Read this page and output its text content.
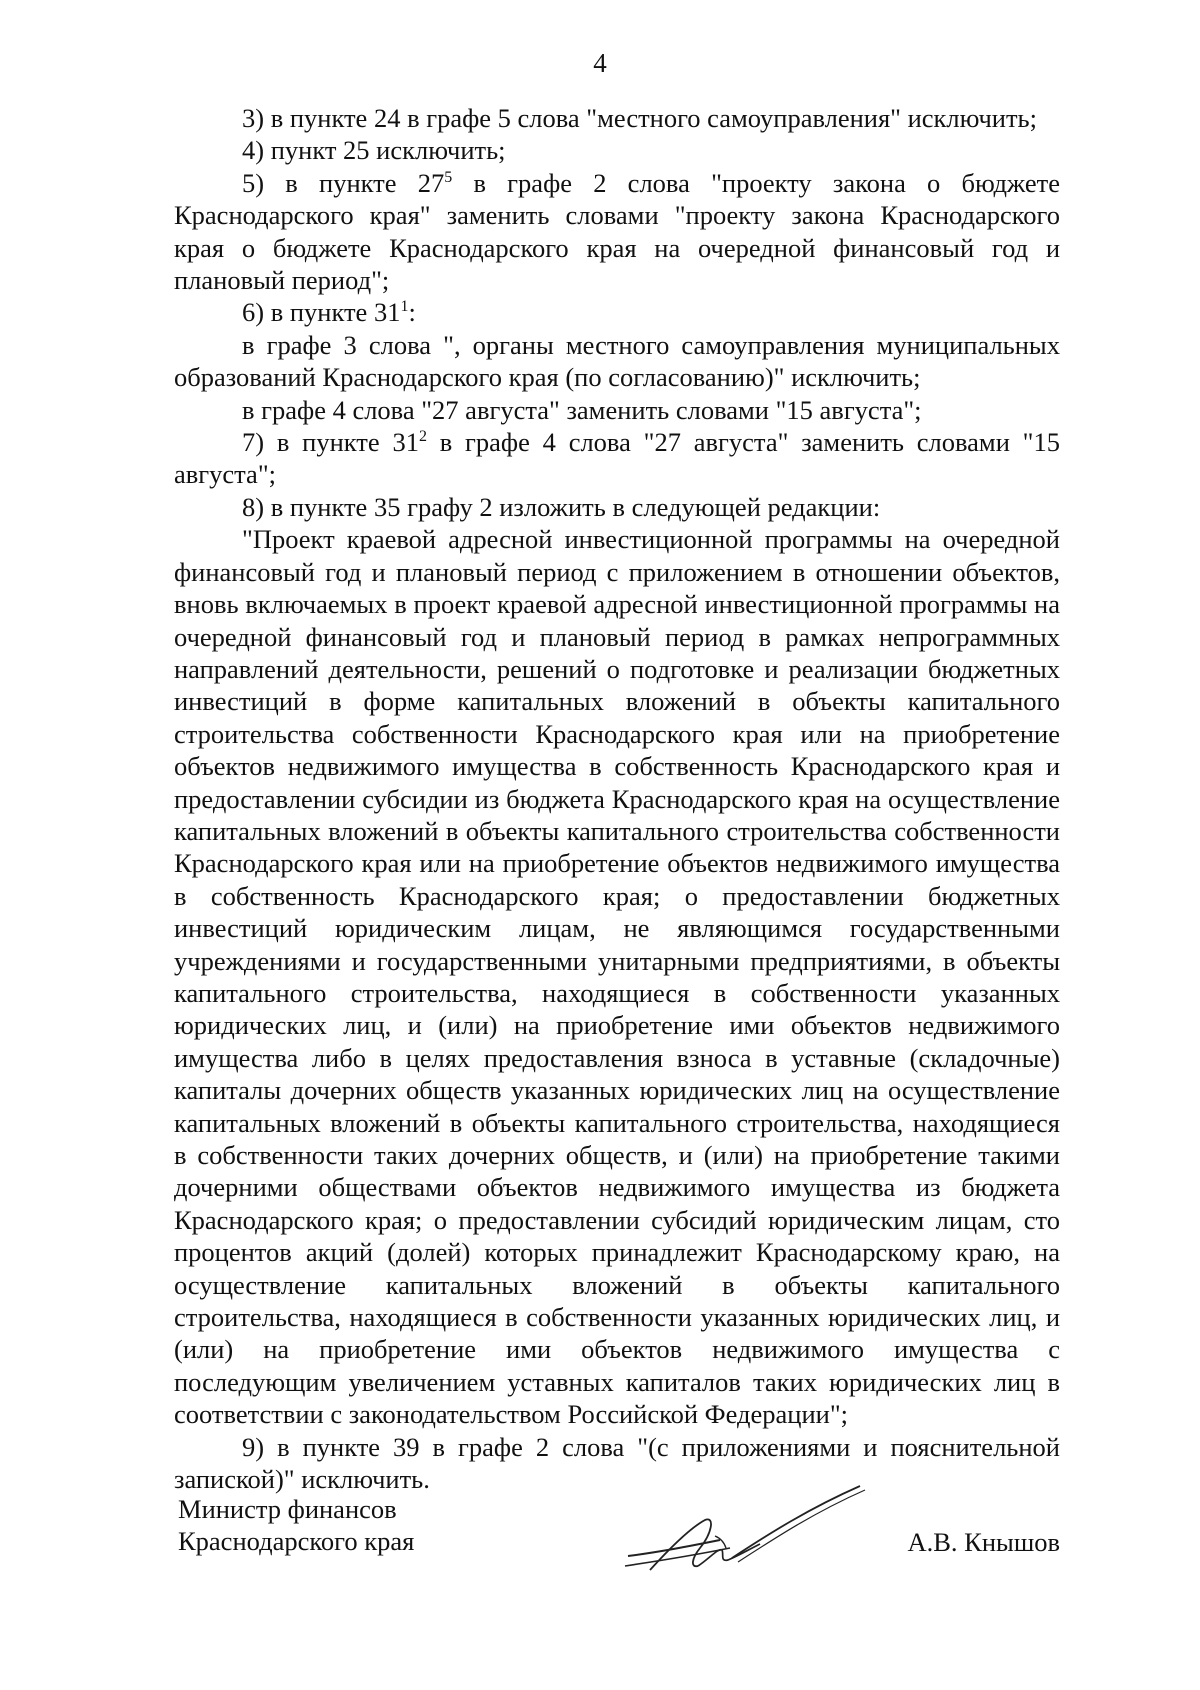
4

3) в пункте 24 в графе 5 слова "местного самоуправления" исключить;

4) пункт 25 исключить;

5) в пункте $27^5$ в графе 2 слова "проекту закона о бюджете Краснодарского края" заменить словами "проекту закона Краснодарского края о бюджете Краснодарского края на очередной финансовый год и плановый период";

6) в пункте $31^1$:

в графе 3 слова ", органы местного самоуправления муниципальных образований Краснодарского края (по согласованию)" исключить;

в графе 4 слова "27 августа" заменить словами "15 августа";

7) в пункте $31^2$ в графе 4 слова "27 августа" заменить словами "15 августа";

8) в пункте 35 графу 2 изложить в следующей редакции:

"Проект краевой адресной инвестиционной программы на очередной финансовый год и плановый период с приложением в отношении объектов, вновь включаемых в проект краевой адресной инвестиционной программы на очередной финансовый год и плановый период в рамках непрограммных направлений деятельности, решений о подготовке и реализации бюджетных инвестиций в форме капитальных вложений в объекты капитального строительства собственности Краснодарского края или на приобретение объектов недвижимого имущества в собственность Краснодарского края и предоставлении субсидии из бюджета Краснодарского края на осуществление капитальных вложений в объекты капитального строительства собственности Краснодарского края или на приобретение объектов недвижимого имущества в собственность Краснодарского края; о предоставлении бюджетных инвестиций юридическим лицам, не являющимся государственными учреждениями и государственными унитарными предприятиями, в объекты капитального строительства, находящиеся в собственности указанных юридических лиц, и (или) на приобретение ими объектов недвижимого имущества либо в целях предоставления взноса в уставные (складочные) капиталы дочерних обществ указанных юридических лиц на осуществление капитальных вложений в объекты капитального строительства, находящиеся в собственности таких дочерних обществ, и (или) на приобретение такими дочерними обществами объектов недвижимого имущества из бюджета Краснодарского края; о предоставлении субсидий юридическим лицам, сто процентов акций (долей) которых принадлежит Краснодарскому краю, на осуществление капитальных вложений в объекты капитального строительства, находящиеся в собственности указанных юридических лиц, и (или) на приобретение ими объектов недвижимого имущества с последующим увеличением уставных капиталов таких юридических лиц в соответствии с законодательством Российской Федерации";

9) в пункте 39 в графе 2 слова "(с приложениями и пояснительной запиской)" исключить.

Министр финансов
Краснодарского края	А.В. Кнышов
